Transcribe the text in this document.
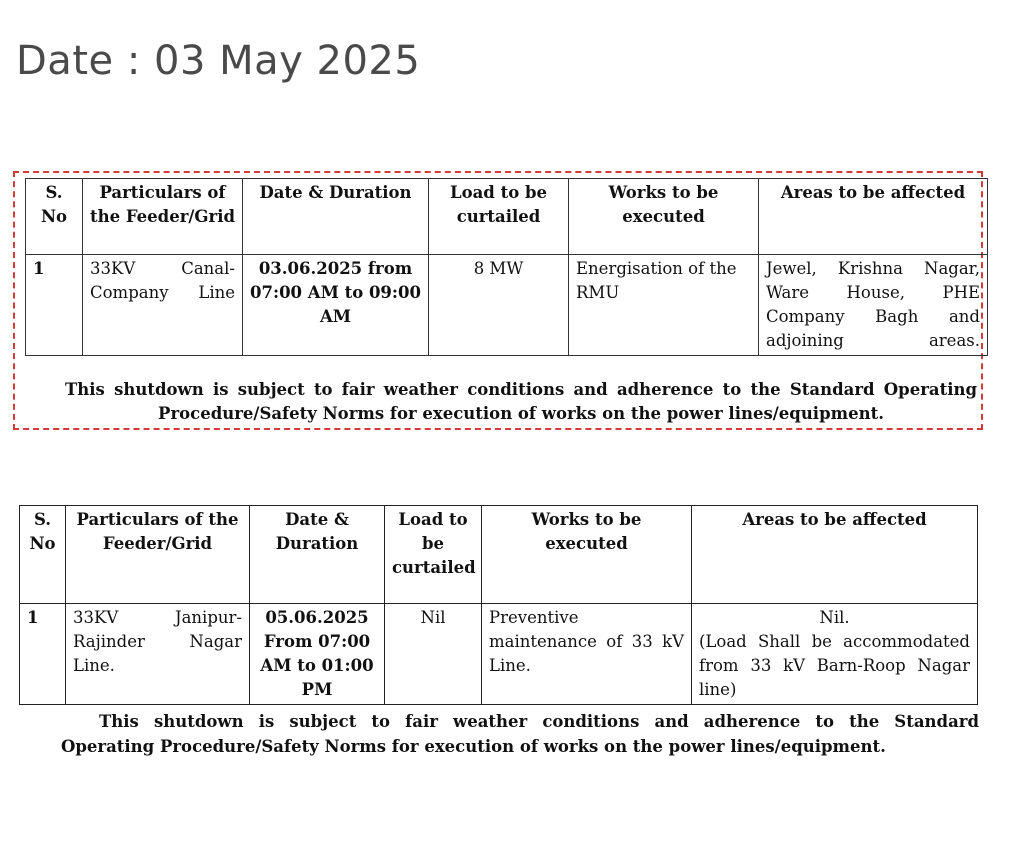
Date : 03 May 2025
S. No	Particulars of the Feeder/Grid	Date & Duration	Load to be curtailed	Works to be executed	Areas to be affected
1	33KV Canal-Company Line	03.06.2025 from 07:00 AM to 09:00 AM	8 MW	Energisation of the RMU	Jewel, Krishna Nagar, Ware House, PHE Company Bagh and adjoining areas.
This shutdown is subject to fair weather conditions and adherence to the Standard Operating Procedure/Safety Norms for execution of works on the power lines/equipment.
S. No	Particulars of the Feeder/Grid	Date & Duration	Load to be curtailed	Works to be executed	Areas to be affected
1	33KV Janipur-Rajinder Nagar Line.	05.06.2025 From 07:00 AM to 01:00 PM	Nil	Preventive maintenance of 33 kV Line.	Nil.
(Load Shall be accommodated from 33 kV Barn-Roop Nagar line)
This shutdown is subject to fair weather conditions and adherence to the Standard
Operating Procedure/Safety Norms for execution of works on the power lines/equipment.
